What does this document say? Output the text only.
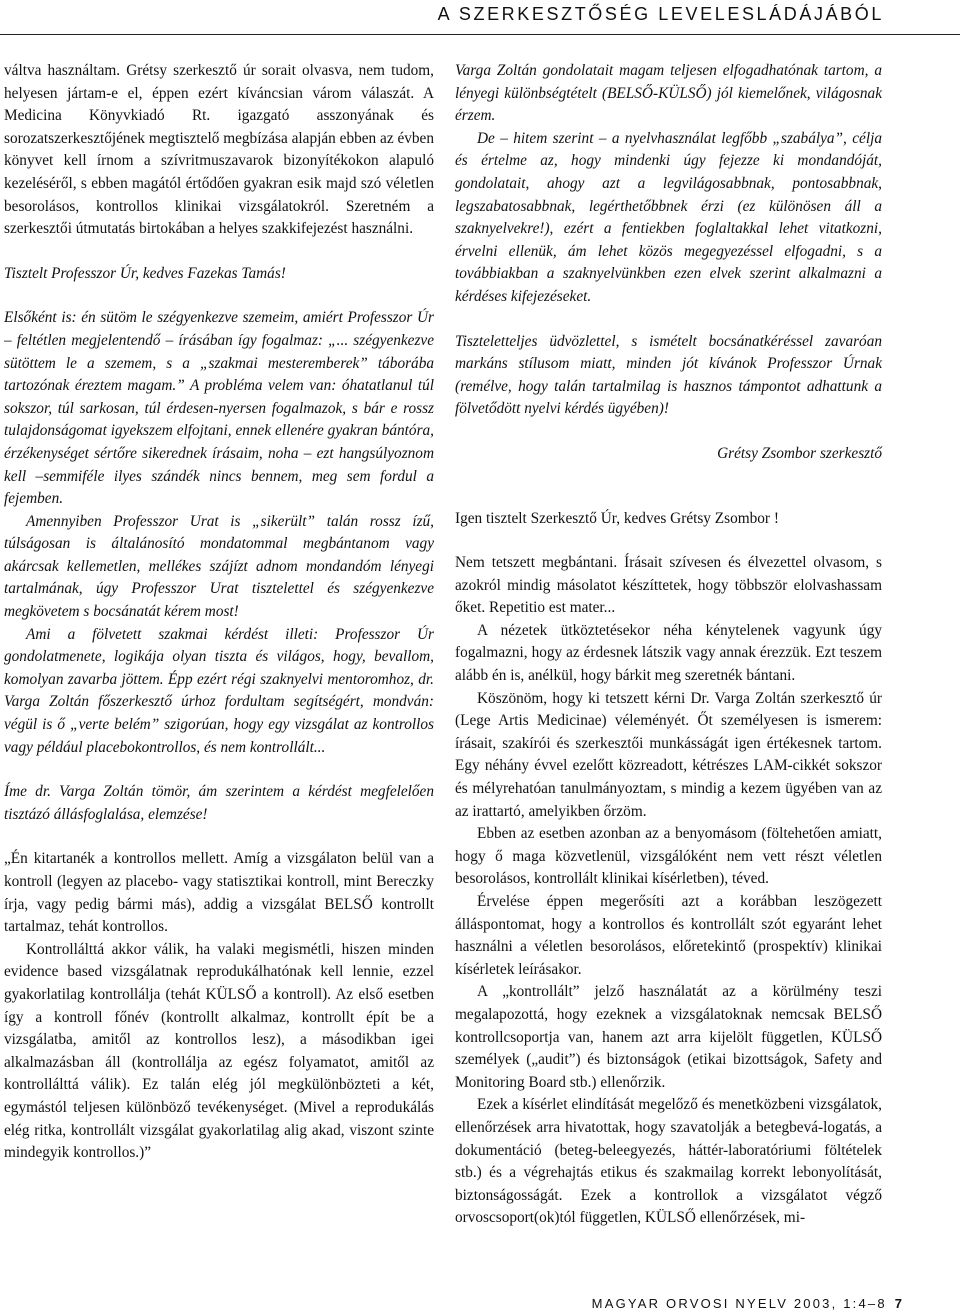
A SZERKESZTŐSÉG LEVELESLÁDÁJÁBÓL

váltva használtam. Grétsy szerkesztő úr sorait olvasva, nem tudom, helyesen jártam-e el, éppen ezért kíváncsian várom válaszát. A Medicina Könyvkiadó Rt. igazgató asszonyának és sorozatszerkesztőjének megtisztelő megbízása alapján ebben az évben könyvet kell írnom a szívritmuszavarok bizonyítékokon alapuló kezeléséről, s ebben magától értődően gyakran esik majd szó véletlen besorolásos, kontrollos klinikai vizsgálatokról. Szeretném a szerkesztői útmutatás birtokában a helyes szakkifejezést használni.

Tisztelt Professzor Úr, kedves Fazekas Tamás!

Elsőként is: én sütöm le szégyenkezve szemeim, amiért Professzor Úr – feltétlen megjelentendő – írásában így fogalmaz: „... szégyenkezve sütöttem le a szemem, s a „szakmai mesteremberek” táborába tartozónak éreztem magam.” A probléma velem van: óhatatlanul túl sokszor, túl sarkosan, túl érdesen-nyersen fogalmazok, s bár e rossz tulajdonságomat igyekszem elfojtani, ennek ellenére gyakran bántóra, érzékenységet sértőre sikerednek írásaim, noha – ezt hangsúlyoznom kell –semmiféle ilyes szándék nincs bennem, meg sem fordul a fejemben.

Amennyiben Professzor Urat is „sikerült” talán rossz ízű, túlságosan is általánosító mondatommal megbántanom vagy akárcsak kellemetlen, mellékes szájízt adnom mondandóm lényegi tartalmának, úgy Professzor Urat tisztelettel és szégyenkezve megkövetem s bocsánatát kérem most!

Ami a fölvetett szakmai kérdést illeti: Professzor Úr gondolatmenete, logikája olyan tiszta és világos, hogy, bevallom, komolyan zavarba jöttem. Épp ezért régi szaknyelvi mentoromhoz, dr. Varga Zoltán főszerkesztő úrhoz fordultam segítségért, mondván: végül is ő „verte belém” szigorúan, hogy egy vizsgálat az kontrollos vagy például placebokontrollos, és nem kontrollált...

Íme dr. Varga Zoltán tömör, ám szerintem a kérdést megfelelően tisztázó állásfoglalása, elemzése!

„Én kitartanék a kontrollos mellett. Amíg a vizsgálaton belül van a kontroll (legyen az placebo- vagy statisztikai kontroll, mint Bereczky írja, vagy pedig bármi más), addig a vizsgálat BELSŐ kontrollt tartalmaz, tehát kontrollos.

Kontrollálttá akkor válik, ha valaki megismétli, hiszen minden evidence based vizsgálatnak reprodukálhatónak kell lennie, ezzel gyakorlatilag kontrollálja (tehát KÜLSŐ a kontroll). Az első esetben így a kontroll főnév (kontrollt alkalmaz, kontrollt épít be a vizsgálatba, amitől az kontrollos lesz), a másodikban igei alkalmazásban áll (kontrollálja az egész folyamatot, amitől az kontrollálttá válik). Ez talán elég jól megkülönbözteti a két, egymástól teljesen különböző tevékenységet. (Mivel a reprodukálás elég ritka, kontrollált vizsgálat gyakorlatilag alig akad, viszont szinte mindegyik kontrollos.)”

Varga Zoltán gondolatait magam teljesen elfogadhatónak tartom, a lényegi különbségtételt (BELSŐ-KÜLSŐ) jól kiemelőnek, világosnak érzem.

De – hitem szerint – a nyelvhasználat legfőbb „szabálya”, célja és értelme az, hogy mindenki úgy fejezze ki mondandóját, gondolatait, ahogy azt a legvilágosabbnak, pontosabbnak, legszabatosabbnak, legérthetőbbnek érzi (ez különösen áll a szaknyelvekre!), ezért a fentiekben foglaltakkal lehet vitatkozni, érvelni ellenük, ám lehet közös megegyezéssel elfogadni, s a továbbiakban a szaknyelvünkben ezen elvek szerint alkalmazni a kérdéses kifejezéseket.

Tiszteletteljes üdvözlettel, s ismételt bocsánatkéréssel zavaróan markáns stílusom miatt, minden jót kívánok Professzor Úrnak (remélve, hogy talán tartalmilag is hasznos támpontot adhattunk a fölvetődött nyelvi kérdés ügyében)!

Grétsy Zsombor szerkesztő

Igen tisztelt Szerkesztő Úr, kedves Grétsy Zsombor !

Nem tetszett megbántani. Írásait szívesen és élvezettel olvasom, s azokról mindig másolatot készíttetek, hogy többször elolvashassam őket. Repetitio est mater...

A nézetek ütköztetésekor néha kénytelenek vagyunk úgy fogalmazni, hogy az érdesnek látszik vagy annak érezzük. Ezt teszem alább én is, anélkül, hogy bárkit meg szeretnék bántani.

Köszönöm, hogy ki tetszett kérni Dr. Varga Zoltán szerkesztő úr (Lege Artis Medicinae) véleményét. Őt személyesen is ismerem: írásait, szakírói és szerkesztői munkásságát igen értékesnek tartom. Egy néhány évvel ezelőtt közreadott, kétrészes LAM-cikkét sokszor és mélyrehatóan tanulmányoztam, s mindig a kezem ügyében van az az irattartó, amelyikben őrzöm.

Ebben az esetben azonban az a benyomásom (föltehetően amiatt, hogy ő maga közvetlenül, vizsgálóként nem vett részt véletlen besorolásos, kontrollált klinikai kísérletben), téved.

Érvelése éppen megerősíti azt a korábban leszögezett álláspontomat, hogy a kontrollos és kontrollált szót egyaránt lehet használni a véletlen besorolásos, előretekintő (prospektív) klinikai kísérletek leírásakor.

A „kontrollált” jelző használatát az a körülmény teszi megalapozottá, hogy ezeknek a vizsgálatoknak nemcsak BELSŐ kontrollcsoportja van, hanem azt arra kijelölt független, KÜLSŐ személyek („audit”) és biztonságok (etikai bizottságok, Safety and Monitoring Board stb.) ellenőrzik.

Ezek a kísérlet elindítását megelőző és menetközbeni vizsgálatok, ellenőrzések arra hivatottak, hogy szavatolják a betegbevá-logatás, a dokumentáció (beteg-beleegyezés, háttér-laboratóriumi föltételek stb.) és a végrehajtás etikus és szakmailag korrekt lebonyolítását, biztonságosságát. Ezek a kontrollok a vizsgálatot végző orvoscsoport(ok)tól független, KÜLSŐ ellenőrzések, mi-

MAGYAR ORVOSI NYELV 2003, 1:4–8 7
